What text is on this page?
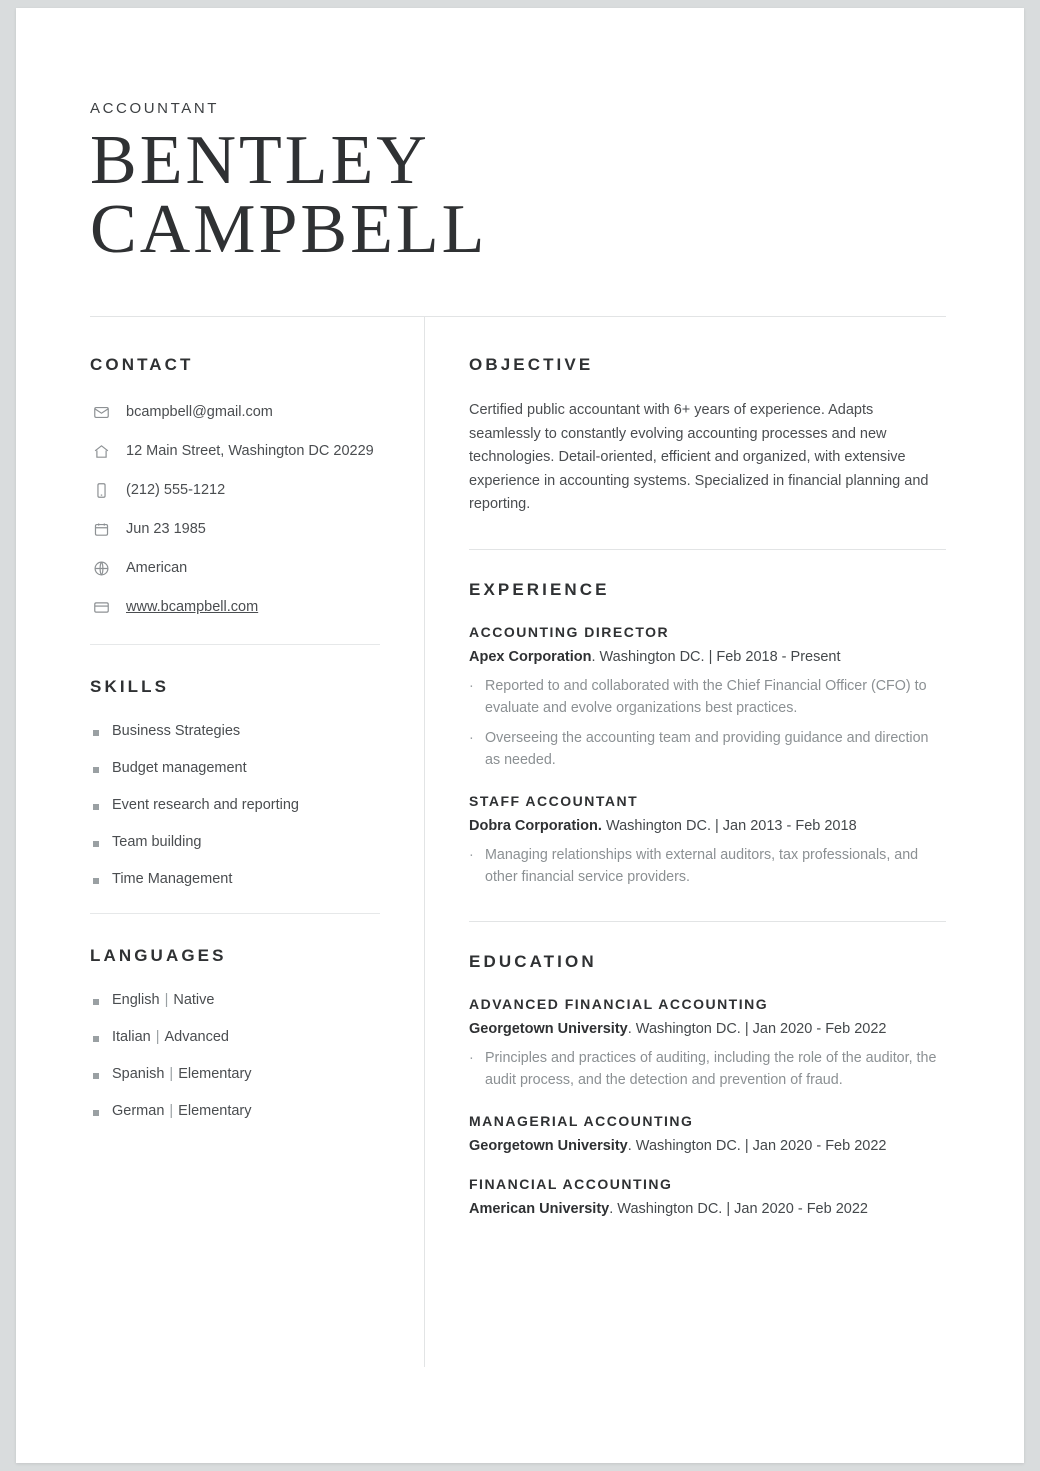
ACCOUNTANT
BENTLEY
CAMPBELL
CONTACT
bcampbell@gmail.com
12 Main Street, Washington DC 20229
(212) 555-1212
Jun 23 1985
American
www.bcampbell.com
SKILLS
Business Strategies
Budget management
Event research and reporting
Team building
Time Management
LANGUAGES
English | Native
Italian | Advanced
Spanish | Elementary
German | Elementary
OBJECTIVE

Certified public accountant with 6+ years of experience. Adapts seamlessly to constantly evolving accounting processes and new technologies. Detail-oriented, efficient and organized, with extensive experience in accounting systems. Specialized in financial planning and reporting.

EXPERIENCE
ACCOUNTING DIRECTOR
Apex Corporation. Washington DC. | Feb 2018 - Present
· Reported to and collaborated with the Chief Financial Officer (CFO) to evaluate and evolve organizations best practices.
· Overseeing the accounting team and providing guidance and direction as needed.
STAFF ACCOUNTANT
Dobra Corporation. Washington DC. | Jan 2013 - Feb 2018
· Managing relationships with external auditors, tax professionals, and other financial service providers.
EDUCATION
ADVANCED FINANCIAL ACCOUNTING
Georgetown University. Washington DC. | Jan 2020 - Feb 2022
· Principles and practices of auditing, including the role of the auditor, the audit process, and the detection and prevention of fraud.
MANAGERIAL ACCOUNTING
Georgetown University. Washington DC. | Jan 2020 - Feb 2022
FINANCIAL ACCOUNTING
American University. Washington DC. | Jan 2020 - Feb 2022
